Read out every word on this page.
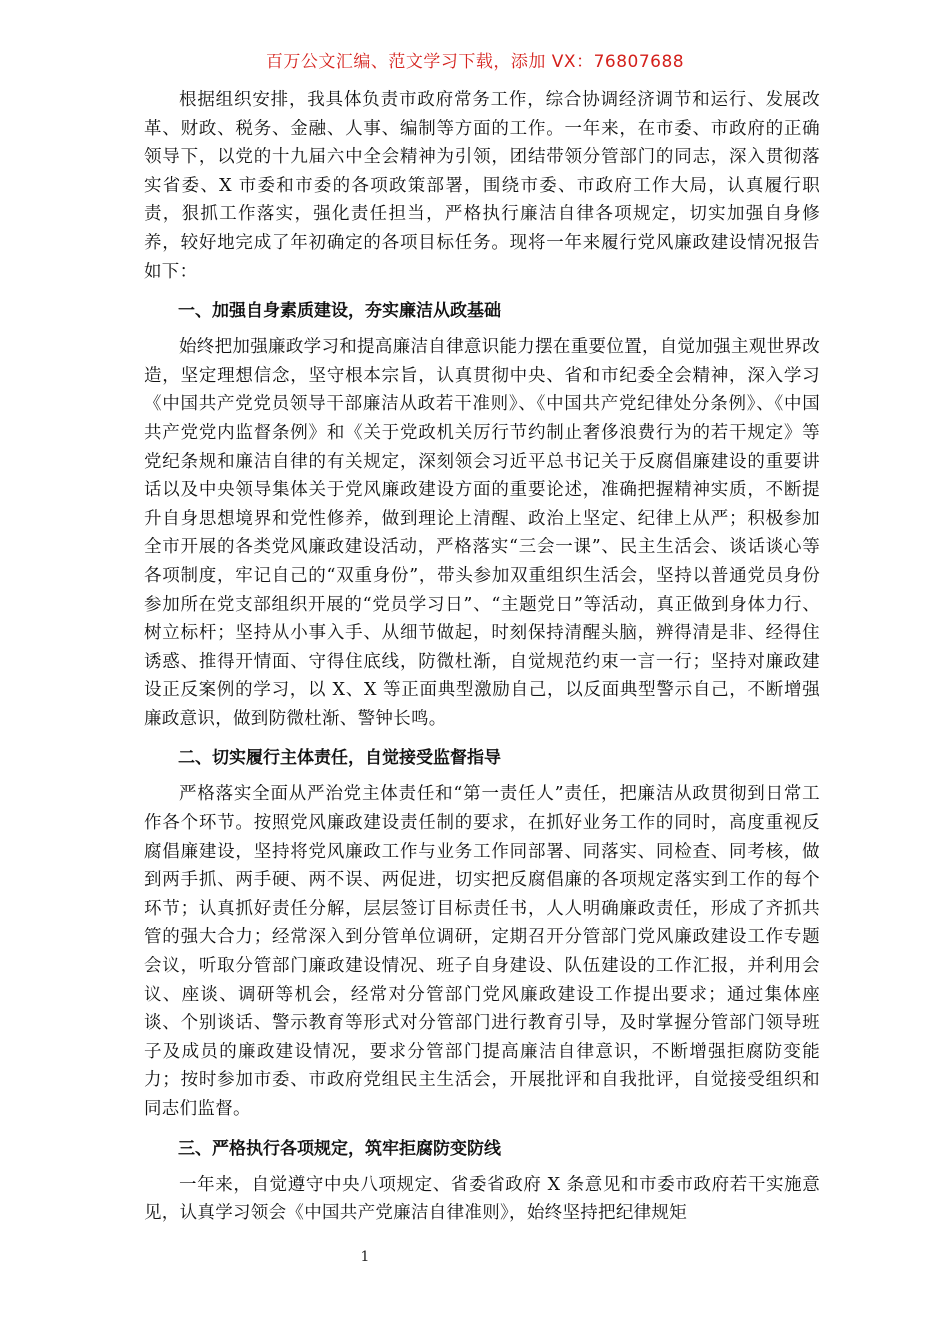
百万公文汇编、范文学习下载，添加 VX：76807688

根据组织安排，我具体负责市政府常务工作，综合协调经济调节和运行、发展改革、财政、税务、金融、人事、编制等方面的工作。一年来，在市委、市政府的正确领导下，以党的十九届六中全会精神为引领，团结带领分管部门的同志，深入贯彻落实省委、X 市委和市委的各项政策部署，围绕市委、市政府工作大局，认真履行职责，狠抓工作落实，强化责任担当，严格执行廉洁自律各项规定，切实加强自身修养，较好地完成了年初确定的各项目标任务。现将一年来履行党风廉政建设情况报告如下：

一、加强自身素质建设，夯实廉洁从政基础

始终把加强廉政学习和提高廉洁自律意识能力摆在重要位置，自觉加强主观世界改造，坚定理想信念，坚守根本宗旨，认真贯彻中央、省和市纪委全会精神，深入学习《中国共产党党员领导干部廉洁从政若干准则》、《中国共产党纪律处分条例》、《中国共产党党内监督条例》和《关于党政机关厉行节约制止奢侈浪费行为的若干规定》等党纪条规和廉洁自律的有关规定，深刻领会习近平总书记关于反腐倡廉建设的重要讲话以及中央领导集体关于党风廉政建设方面的重要论述，准确把握精神实质，不断提升自身思想境界和党性修养，做到理论上清醒、政治上坚定、纪律上从严；积极参加全市开展的各类党风廉政建设活动，严格落实“三会一课”、民主生活会、谈话谈心等各项制度，牢记自己的“双重身份”，带头参加双重组织生活会，坚持以普通党员身份参加所在党支部组织开展的“党员学习日”、“主题党日”等活动，真正做到身体力行、树立标杆；坚持从小事入手、从细节做起，时刻保持清醒头脑，辨得清是非、经得住诱惑、推得开情面、守得住底线，防微杜渐，自觉规范约束一言一行；坚持对廉政建设正反案例的学习，以 X、X 等正面典型激励自己，以反面典型警示自己，不断增强廉政意识，做到防微杜渐、警钟长鸣。

二、切实履行主体责任，自觉接受监督指导

严格落实全面从严治党主体责任和“第一责任人”责任，把廉洁从政贯彻到日常工作各个环节。按照党风廉政建设责任制的要求，在抓好业务工作的同时，高度重视反腐倡廉建设，坚持将党风廉政工作与业务工作同部署、同落实、同检查、同考核，做到两手抓、两手硬、两不误、两促进，切实把反腐倡廉的各项规定落实到工作的每个环节；认真抓好责任分解，层层签订目标责任书，人人明确廉政责任，形成了齐抓共管的强大合力；经常深入到分管单位调研，定期召开分管部门党风廉政建设工作专题会议，听取分管部门廉政建设情况、班子自身建设、队伍建设的工作汇报，并利用会议、座谈、调研等机会，经常对分管部门党风廉政建设工作提出要求；通过集体座谈、个别谈话、警示教育等形式对分管部门进行教育引导，及时掌握分管部门领导班子及成员的廉政建设情况，要求分管部门提高廉洁自律意识，不断增强拒腐防变能力；按时参加市委、市政府党组民主生活会，开展批评和自我批评，自觉接受组织和同志们监督。

三、严格执行各项规定，筑牢拒腐防变防线

一年来，自觉遵守中央八项规定、省委省政府 X 条意见和市委市政府若干实施意见，认真学习领会《中国共产党廉洁自律准则》，始终坚持把纪律规矩

1
